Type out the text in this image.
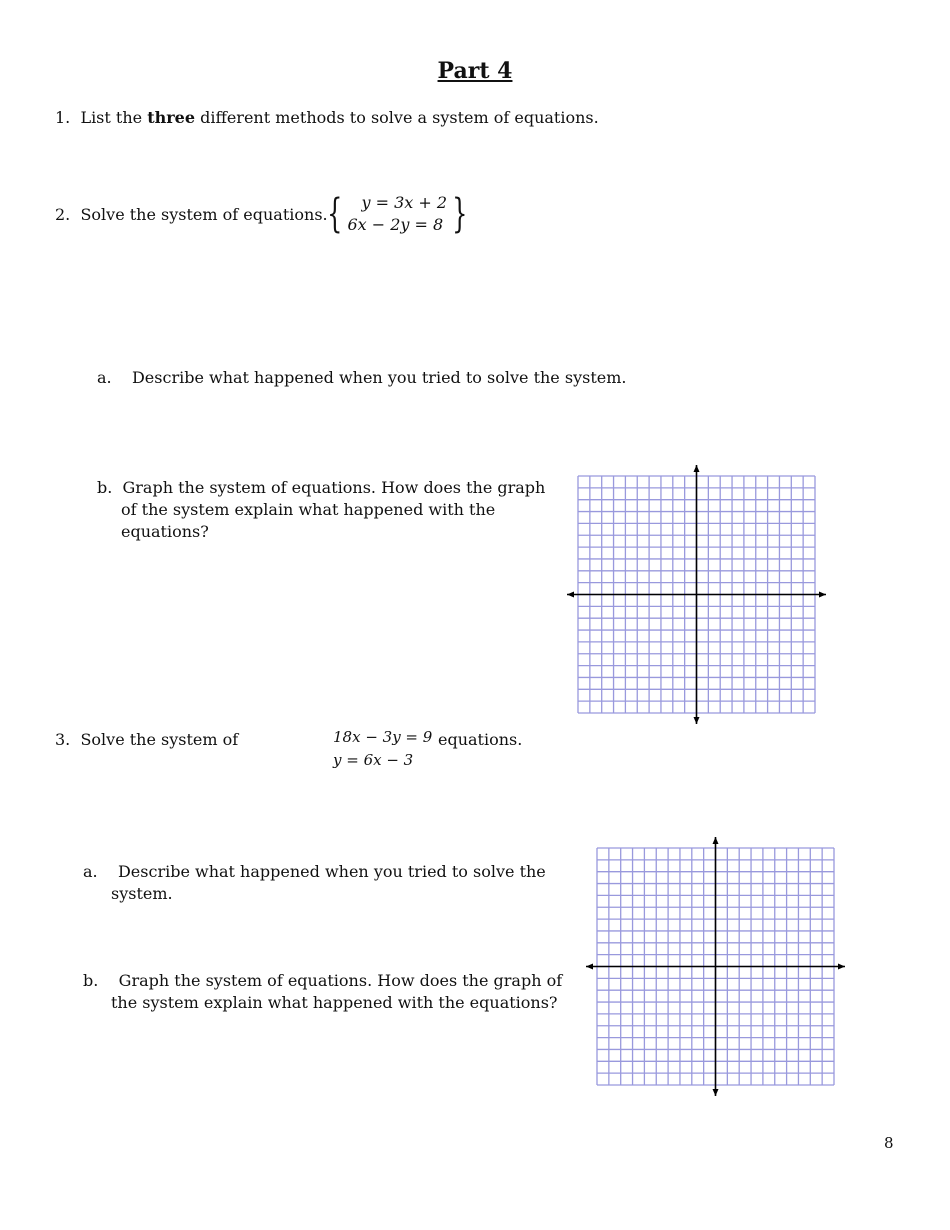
Part 4
1. List the three different methods to solve a system of equations.
2. Solve the system of equations. {	y = 3x + 2
6x − 2y = 8 }
a. Describe what happened when you tried to solve the system.
b. Graph the system of equations. How does the graph
of the system explain what happened with the
equations?
3. Solve the system of	18x − 3y = 9
y = 6x − 3
equations.
a. Describe what happened when you tried to solve the
system.
b. Graph the system of equations. How does the graph of
the system explain what happened with the equations?
8
